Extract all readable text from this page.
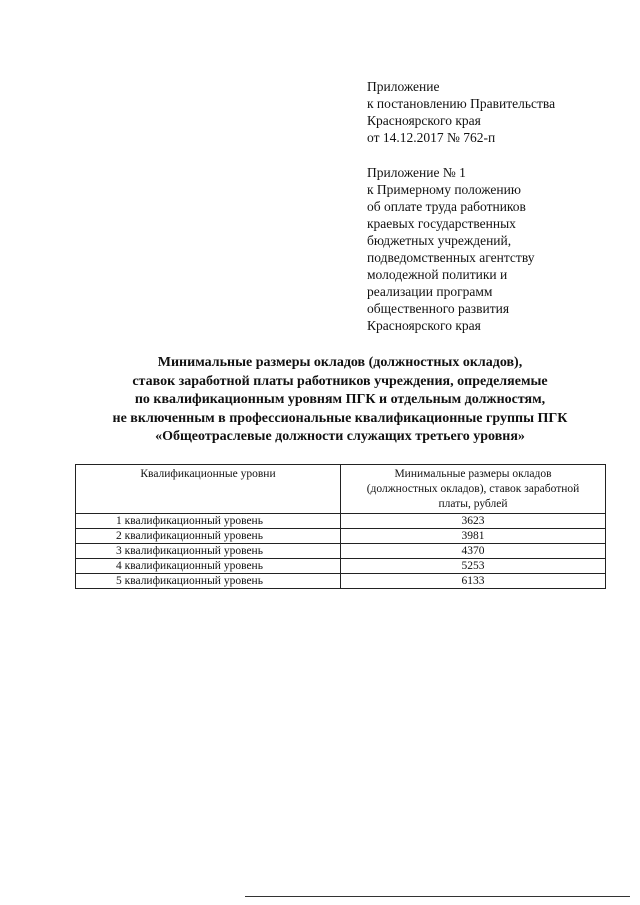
Приложение
к постановлению Правительства
Красноярского края
от 14.12.2017 № 762-п
Приложение № 1
к Примерному положению
об оплате труда работников
краевых государственных
бюджетных учреждений,
подведомственных агентству
молодежной политики и
реализации программ
общественного развития
Красноярского края
Минимальные размеры окладов (должностных окладов),
ставок заработной платы работников учреждения, определяемые
по квалификационным уровням ПГК и отдельным должностям,
не включенным в профессиональные квалификационные группы ПГК
«Общеотраслевые должности служащих третьего уровня»
Квалификационные уровни	Минимальные размеры окладов
(должностных окладов), ставок заработной
платы, рублей

1 квалификационный уровень	3623
2 квалификационный уровень	3981
3 квалификационный уровень	4370
4 квалификационный уровень	5253
5 квалификационный уровень	6133
